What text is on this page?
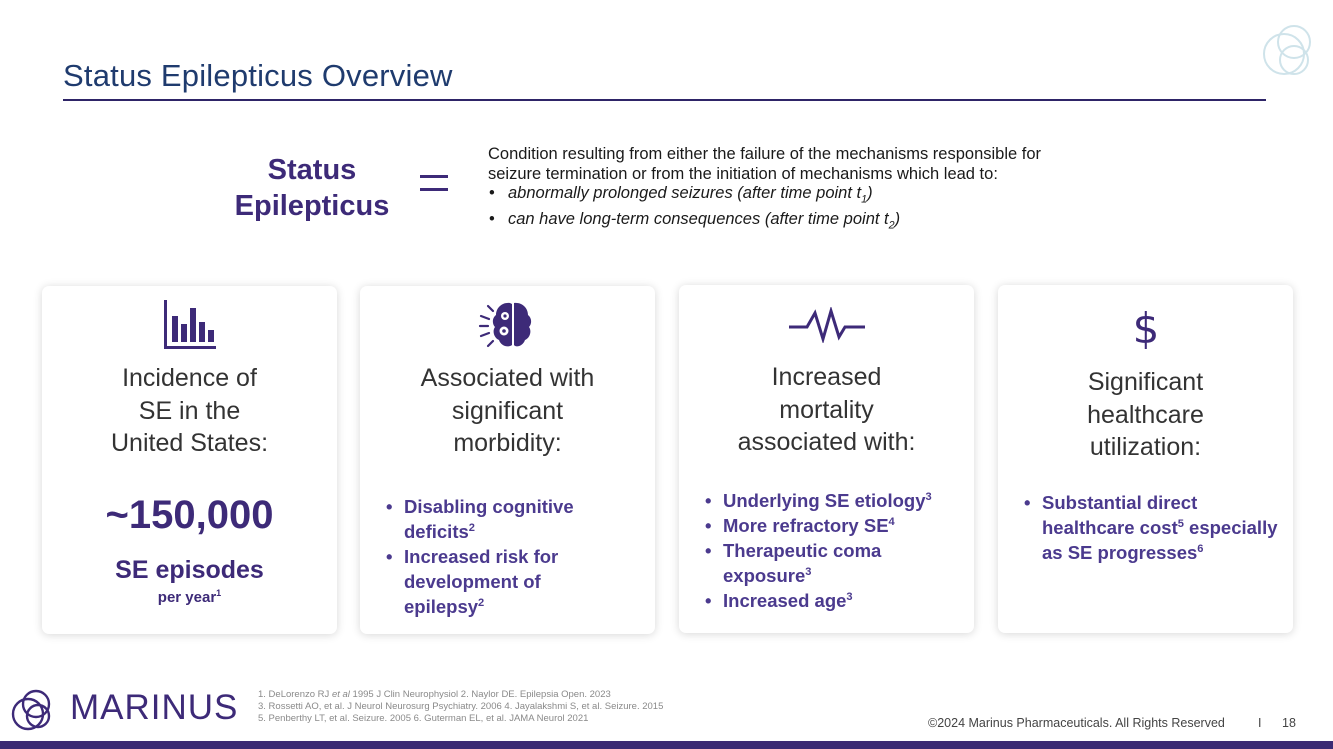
Status Epilepticus Overview
Status
Epilepticus
Condition resulting from either the failure of the mechanisms responsible for
seizure termination or from the initiation of mechanisms which lead to:
• abnormally prolonged seizures (after time point $t_1$)
• can have long-term consequences (after time point $t_2$)
Incidence of
SE in the
United States:
~150,000
SE episodes
per year$^1$
Associated with
significant
morbidity:
• Disabling cognitive
deficits$^2$
• Increased risk for
development of
epilepsy$^2$
Increased
mortality
associated with:
• Underlying SE etiology$^3$
• More refractory $SE^4$
• Therapeutic coma
exposure$^3$
• Increased age$^3$
$
Significant
healthcare
utilization:
• Substantial direct
healthcare cost$^5$ especially
as SE progresses$^6$
MARINUS 1. DeLorenzo RJ et al 1995 J Clin Neurophysiol 2. Naylor DE. Epilepsia Open. 2023
3. Rossetti AO, et al. J Neurol Neurosurg Psychiatry. 2006 4. Jayalakshmi S, et al. Seizure. 2015
5. Penberthy LT, et al. Seizure. 2005 6. Guterman EL, et al. JAMA Neurol 2021	©2024 Marinus Pharmaceuticals. All Rights Reserved	I 18
